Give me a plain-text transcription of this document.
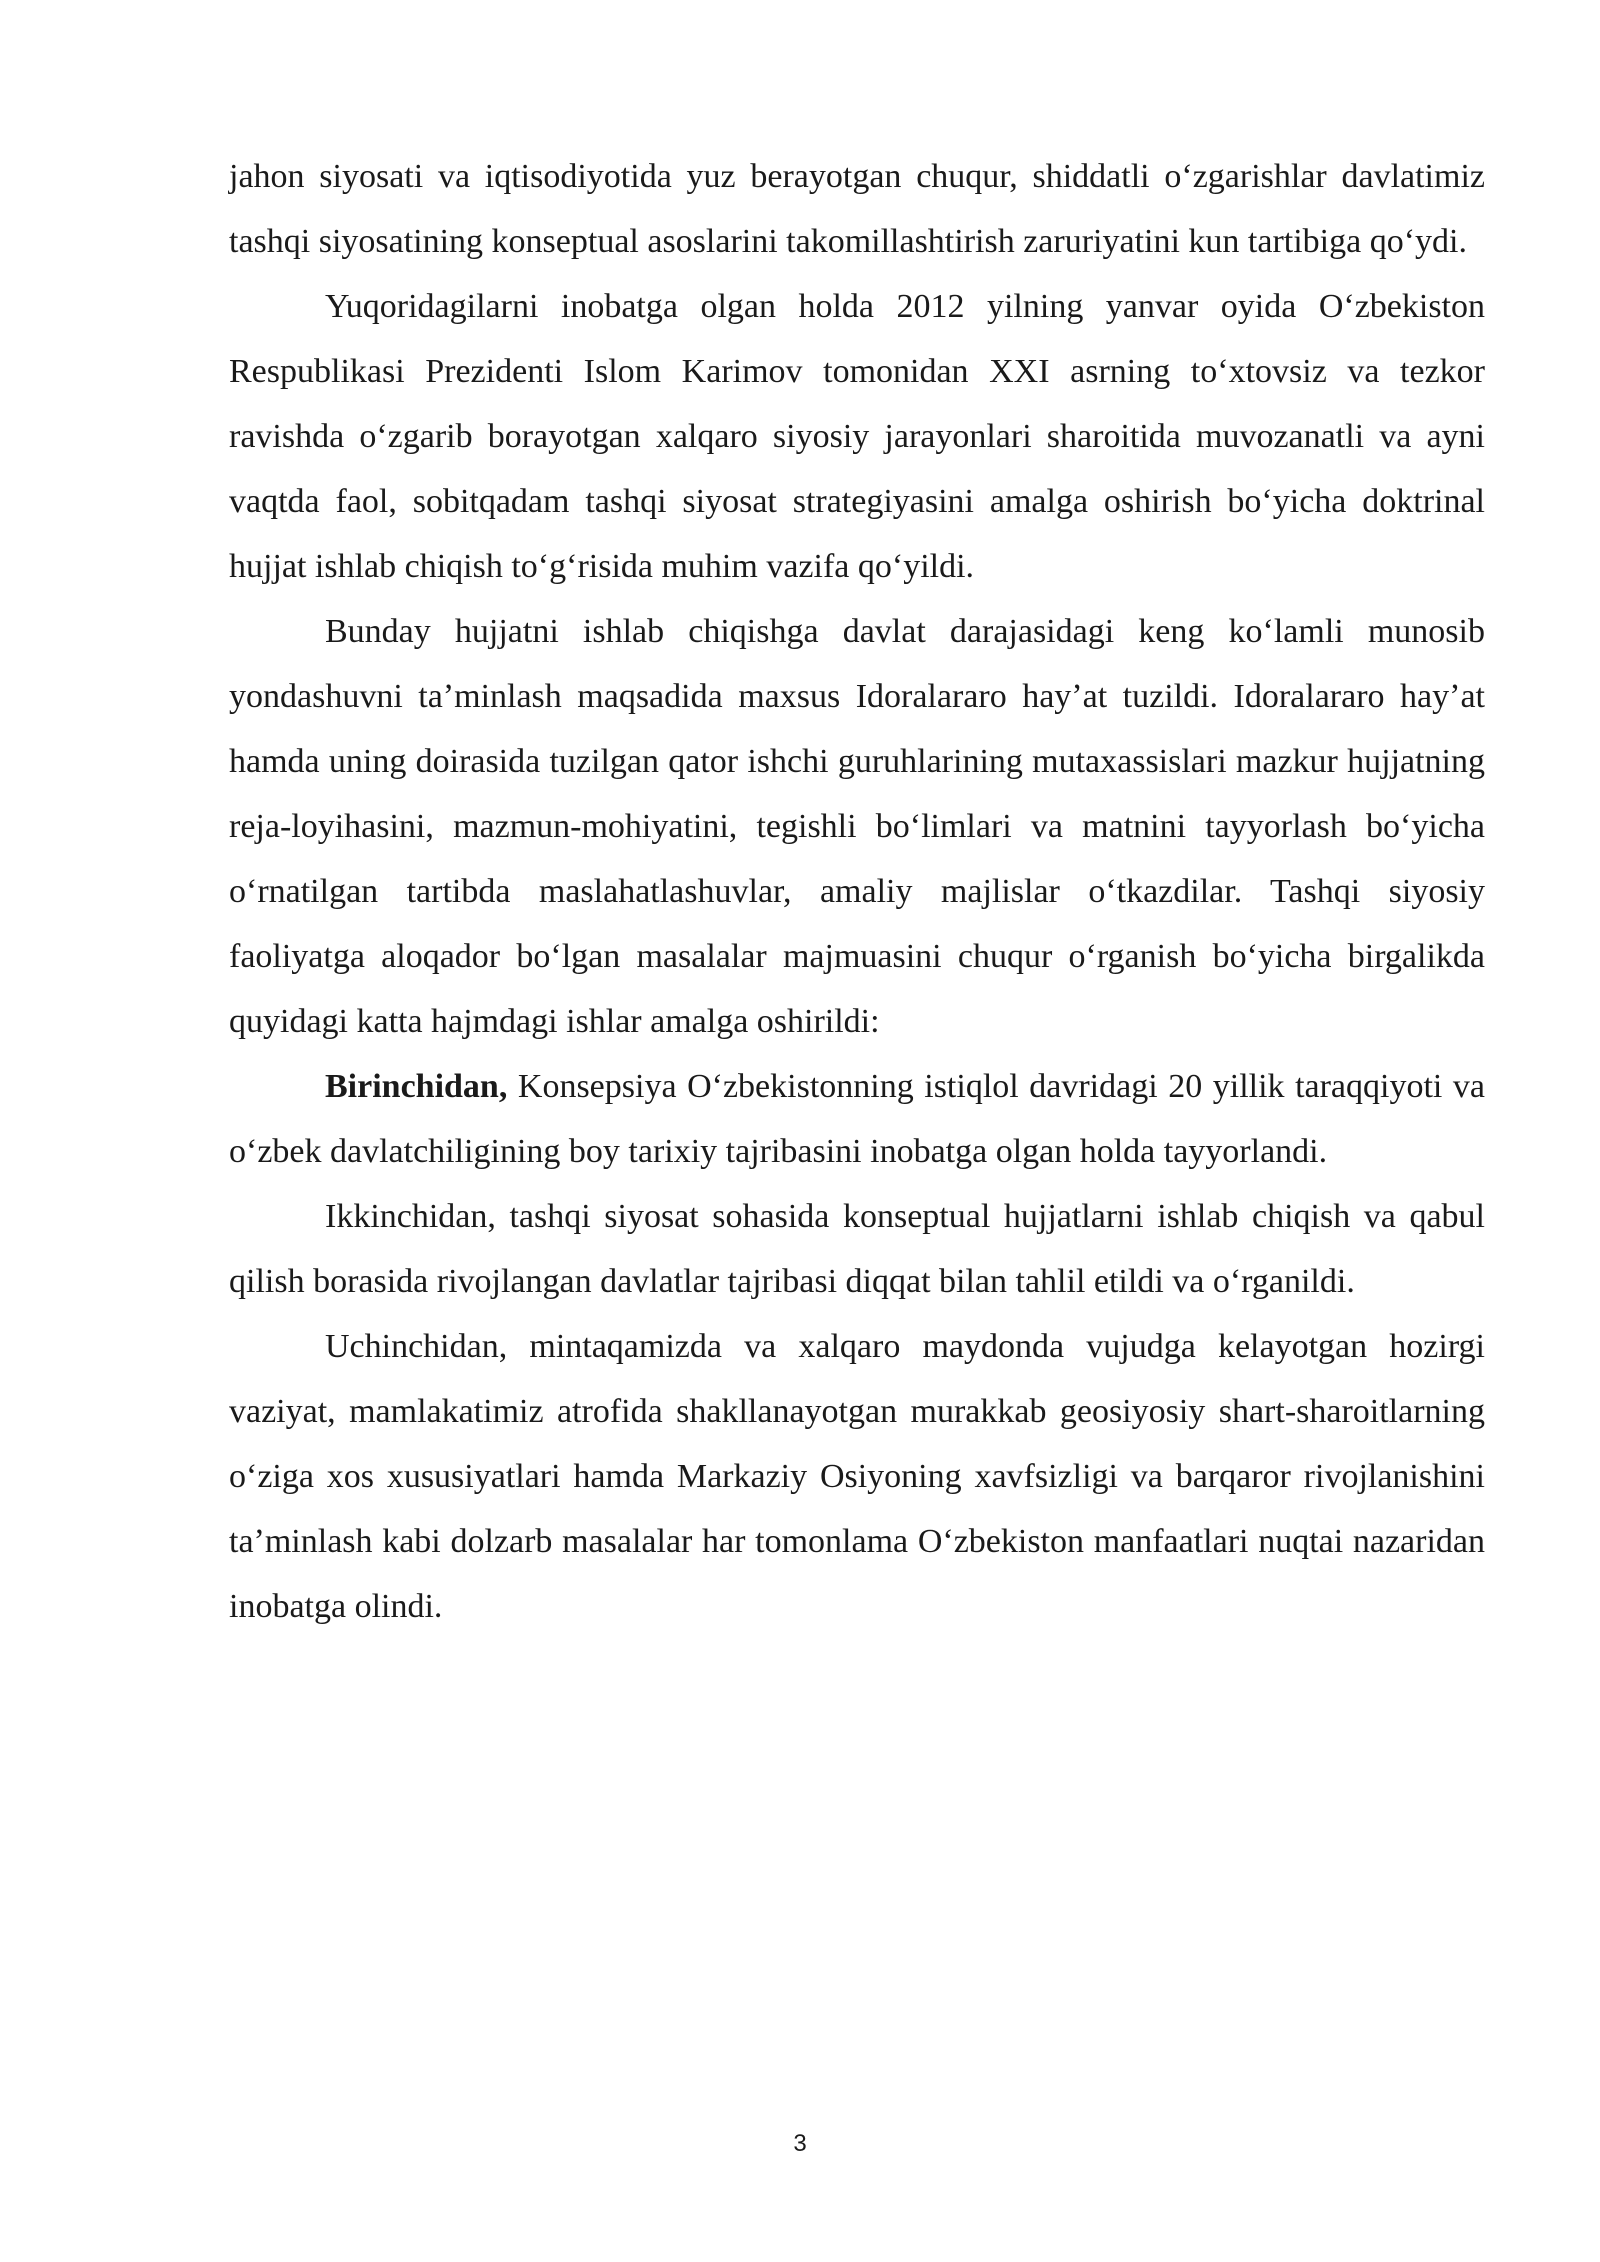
jahon siyosati va iqtisodiyotida yuz berayotgan chuqur, shiddatli oʻzgarishlar davlatimiz tashqi siyosatining konseptual asoslarini takomillashtirish zaruriyatini kun tartibiga qoʻydi.

Yuqoridagilarni inobatga olgan holda 2012 yilning yanvar oyida Oʻzbekiston Respublikasi Prezidenti Islom Karimov tomonidan XXI asrning toʻxtovsiz va tezkor ravishda oʻzgarib borayotgan xalqaro siyosiy jarayonlari sharoitida muvozanatli va ayni vaqtda faol, sobitqadam tashqi siyosat strategiyasini amalga oshirish boʻyicha doktrinal hujjat ishlab chiqish toʻgʻrisida muhim vazifa qoʻyildi.

Bunday hujjatni ishlab chiqishga davlat darajasidagi keng koʻlamli munosib yondashuvni taʼminlash maqsadida maxsus Idoralararo hayʼat tuzildi. Idoralararo hayʼat hamda uning doirasida tuzilgan qator ishchi guruhlarining mutaxassislari mazkur hujjatning reja-loyihasini, mazmun-mohiyatini, tegishli boʻlimlari va matnini tayyorlash boʻyicha oʻrnatilgan tartibda maslahatlashuvlar, amaliy majlislar oʻtkazdilar. Tashqi siyosiy faoliyatga aloqador boʻlgan masalalar majmuasini chuqur oʻrganish boʻyicha birgalikda quyidagi katta hajmdagi ishlar amalga oshirildi:

Birinchidan, Konsepsiya Oʻzbekistonning istiqlol davridagi 20 yillik taraqqiyoti va oʻzbek davlatchiligining boy tarixiy tajribasini inobatga olgan holda tayyorlandi.

Ikkinchidan, tashqi siyosat sohasida konseptual hujjatlarni ishlab chiqish va qabul qilish borasida rivojlangan davlatlar tajribasi diqqat bilan tahlil etildi va oʻrganildi.

Uchinchidan, mintaqamizda va xalqaro maydonda vujudga kelayotgan hozirgi vaziyat, mamlakatimiz atrofida shakllanayotgan murakkab geosiyosiy shart-sharoitlarning oʻziga xos xususiyatlari hamda Markaziy Osiyoning xavfsizligi va barqaror rivojlanishini taʼminlash kabi dolzarb masalalar har tomonlama Oʻzbekiston manfaatlari nuqtai nazaridan inobatga olindi.

3
